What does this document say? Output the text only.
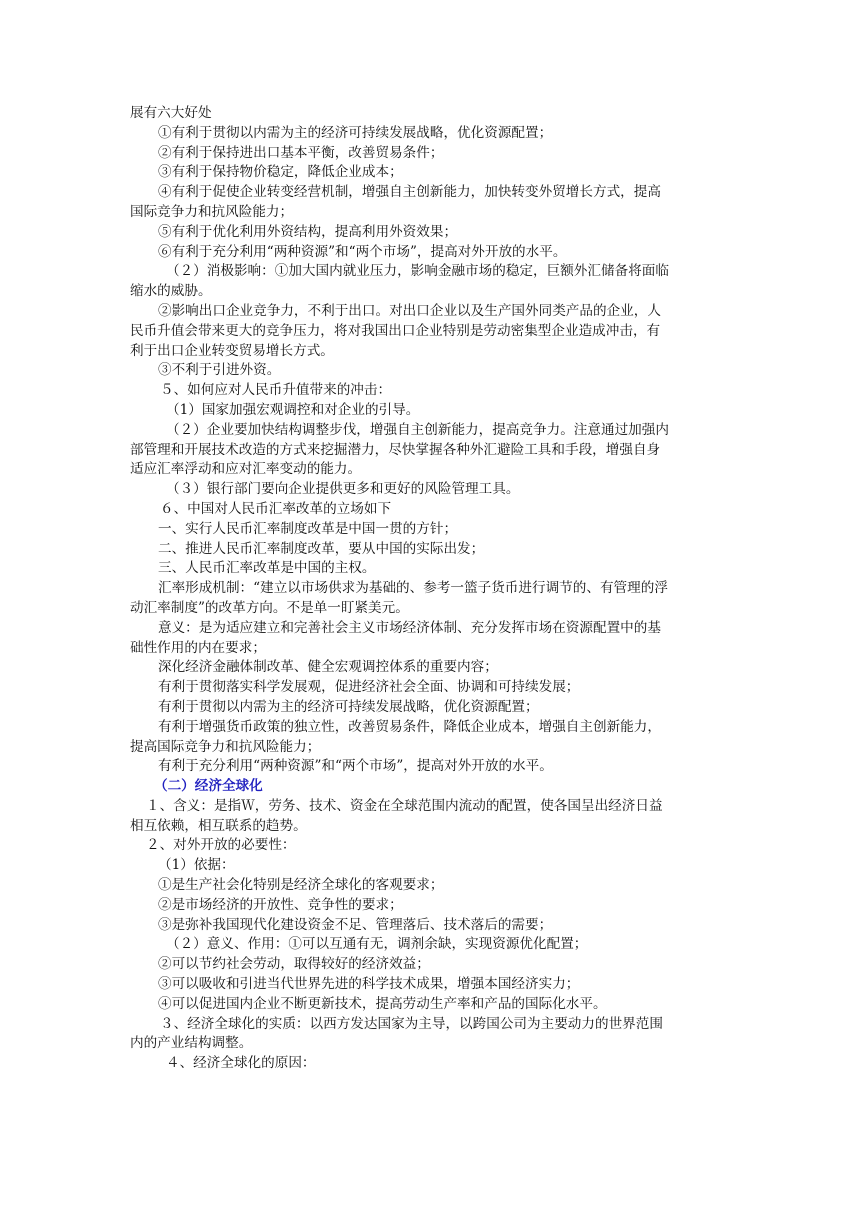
展有六大好处
①有利于贯彻以内需为主的经济可持续发展战略，优化资源配置；
②有利于保持进出口基本平衡，改善贸易条件；
③有利于保持物价稳定，降低企业成本；
④有利于促使企业转变经营机制，增强自主创新能力，加快转变外贸增长方式，提高
国际竞争力和抗风险能力；
⑤有利于优化利用外资结构，提高利用外资效果；
⑥有利于充分利用“两种资源”和“两个市场”，提高对外开放的水平。
（２）消极影响：①加大国内就业压力，影响金融市场的稳定，巨额外汇储备将面临
缩水的威胁。
②影响出口企业竞争力，不利于出口。对出口企业以及生产国外同类产品的企业，人
民币升值会带来更大的竞争压力，将对我国出口企业特别是劳动密集型企业造成冲击，有
利于出口企业转变贸易增长方式。
③不利于引进外资。
５、如何应对人民币升值带来的冲击：
（1）国家加强宏观调控和对企业的引导。
（２）企业要加快结构调整步伐，增强自主创新能力，提高竞争力。注意通过加强内
部管理和开展技术改造的方式来挖掘潜力，尽快掌握各种外汇避险工具和手段，增强自身
适应汇率浮动和应对汇率变动的能力。
（３）银行部门要向企业提供更多和更好的风险管理工具。
６、中国对人民币汇率改革的立场如下
一、实行人民币汇率制度改革是中国一贯的方针；
二、推进人民币汇率制度改革，要从中国的实际出发；
三、人民币汇率改革是中国的主权。
汇率形成机制：“建立以市场供求为基础的、参考一篮子货币进行调节的、有管理的浮
动汇率制度”的改革方向。不是单一盯紧美元。
意义：是为适应建立和完善社会主义市场经济体制、充分发挥市场在资源配置中的基
础性作用的内在要求；
深化经济金融体制改革、健全宏观调控体系的重要内容；
有利于贯彻落实科学发展观，促进经济社会全面、协调和可持续发展；
有利于贯彻以内需为主的经济可持续发展战略，优化资源配置；
有利于增强货币政策的独立性，改善贸易条件，降低企业成本，增强自主创新能力，
提高国际竞争力和抗风险能力；
有利于充分利用“两种资源”和“两个市场”，提高对外开放的水平。
（二）经济全球化
１、含义：是指Ｗ，劳务、技术、资金在全球范围内流动的配置，使各国呈出经济日益
相互依赖，相互联系的趋势。
２、对外开放的必要性：
（1）依据：
①是生产社会化特别是经济全球化的客观要求；
②是市场经济的开放性、竞争性的要求；
③是弥补我国现代化建设资金不足、管理落后、技术落后的需要；
（２）意义、作用：①可以互通有无，调剂余缺，实现资源优化配置；
②可以节约社会劳动，取得较好的经济效益；
③可以吸收和引进当代世界先进的科学技术成果，增强本国经济实力；
④可以促进国内企业不断更新技术，提高劳动生产率和产品的国际化水平。
３、经济全球化的实质：以西方发达国家为主导，以跨国公司为主要动力的世界范围
内的产业结构调整。
４、经济全球化的原因：
